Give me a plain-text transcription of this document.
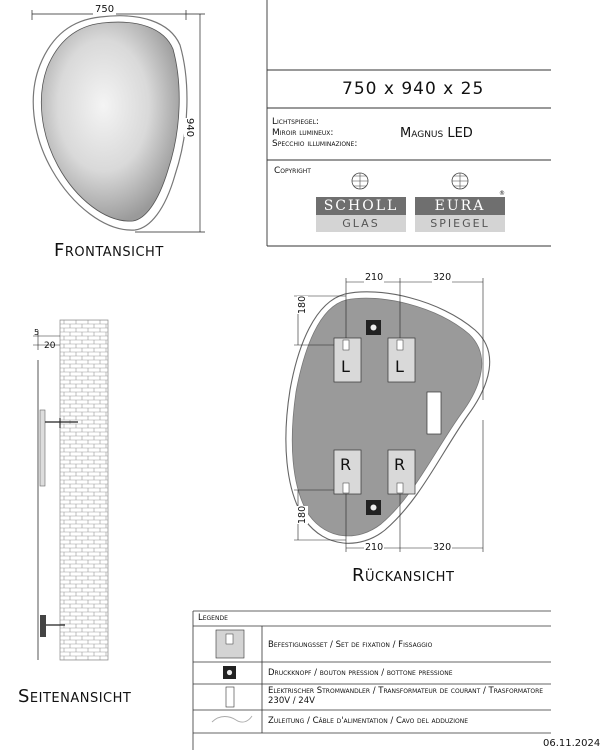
750
940
Frontansicht
750 x 940 x 25
Lichtspiegel:
Miroir lumineux:
Specchio illuminazione:
Magnus LED
Copyright
SCHOLL
GLAS
EURA
SPIEGEL
®
210	320
210	320
180
180
L	L
R	R
Rückansicht
5
20
Seitenansicht
Legende
Befestigungsset / Set de fixation / Fissaggio
Druckknopf / bouton pression / bottone pressione
Elektrischer Stromwandler / Transformateur de courant / Trasformatore      230V / 24V
Zuleitung / Câble d'alimentation / Cavo del adduzione
06.11.2024
